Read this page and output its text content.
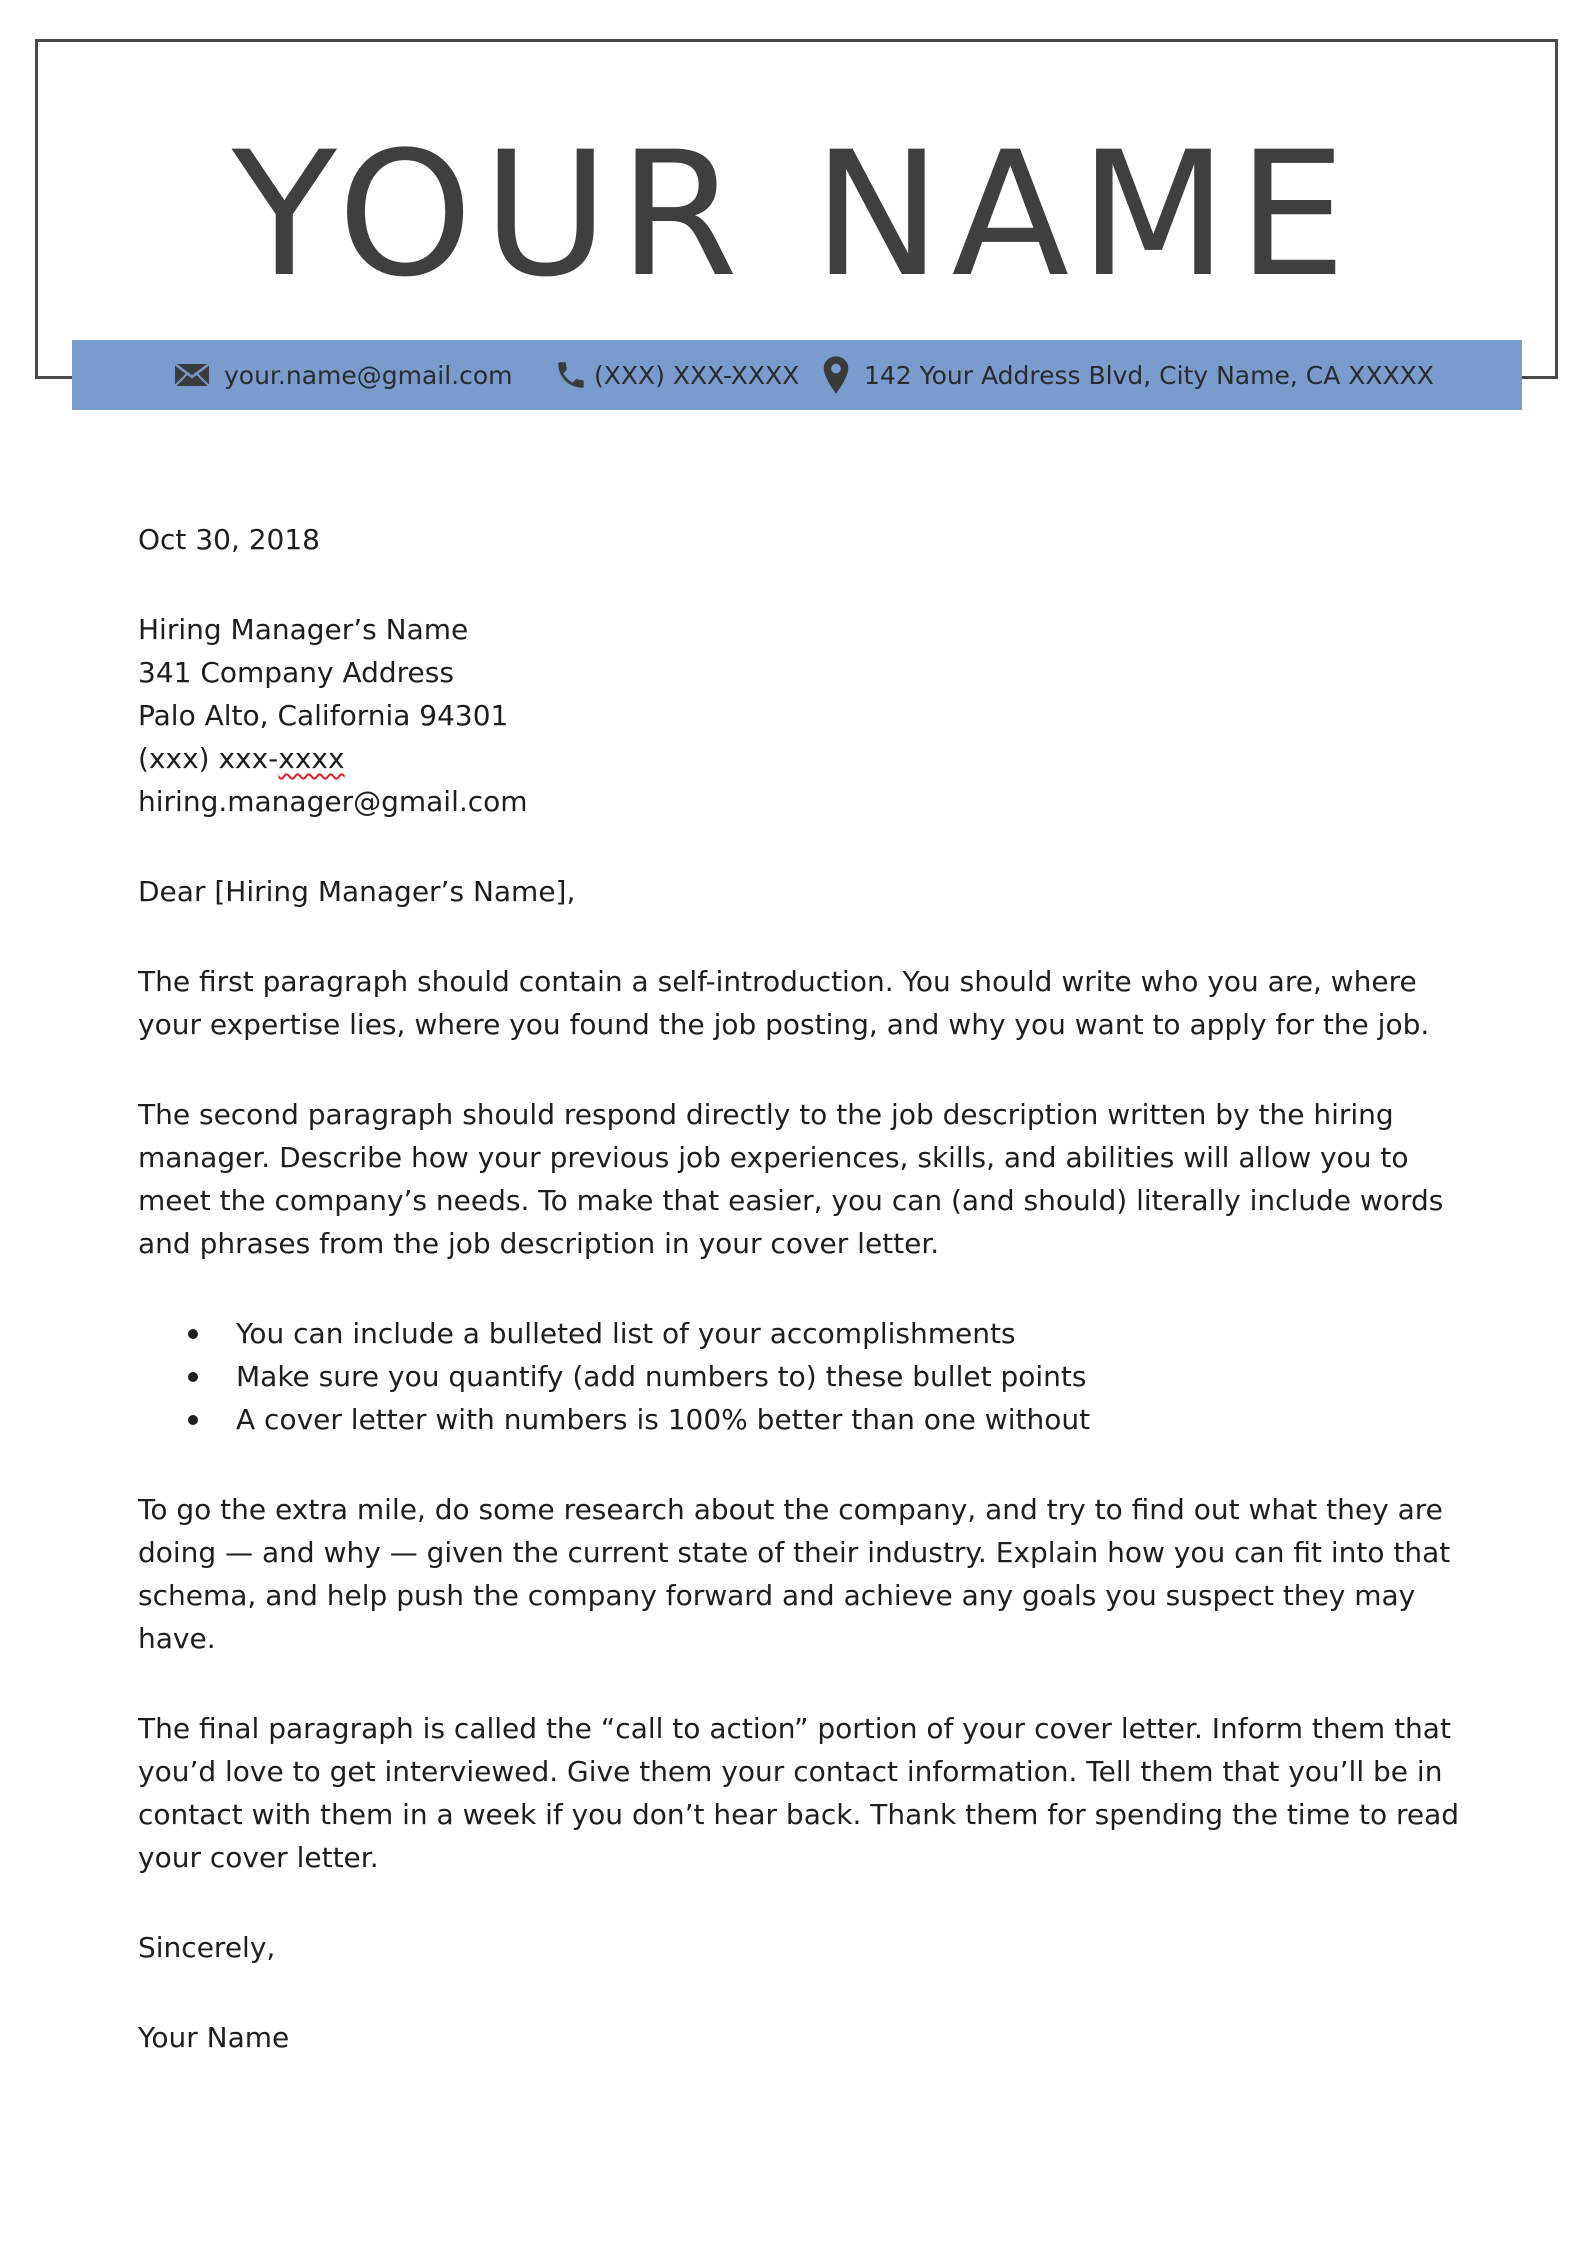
YOUR NAME
your.name@gmail.com	(XXX) XXX-XXXX	142 Your Address Blvd, City Name, CA XXXXX

Oct 30, 2018

Hiring Manager’s Name

341 Company Address

Palo Alto, California 94301

(xxx) xxx-xxxx

hiring.manager@gmail.com

Dear [Hiring Manager’s Name],

The first paragraph should contain a self-introduction. You should write who you are, where your expertise lies, where you found the job posting, and why you want to apply for the job.

The second paragraph should respond directly to the job description written by the hiring manager. Describe how your previous job experiences, skills, and abilities will allow you to meet the company’s needs. To make that easier, you can (and should) literally include words and phrases from the job description in your cover letter.

You can include a bulleted list of your accomplishments
Make sure you quantify (add numbers to) these bullet points
A cover letter with numbers is 100% better than one without

To go the extra mile, do some research about the company, and try to find out what they are doing — and why — given the current state of their industry. Explain how you can fit into that schema, and help push the company forward and achieve any goals you suspect they may have.

The final paragraph is called the “call to action” portion of your cover letter. Inform them that you’d love to get interviewed. Give them your contact information. Tell them that you’ll be in contact with them in a week if you don’t hear back. Thank them for spending the time to read your cover letter.

Sincerely,

Your Name
